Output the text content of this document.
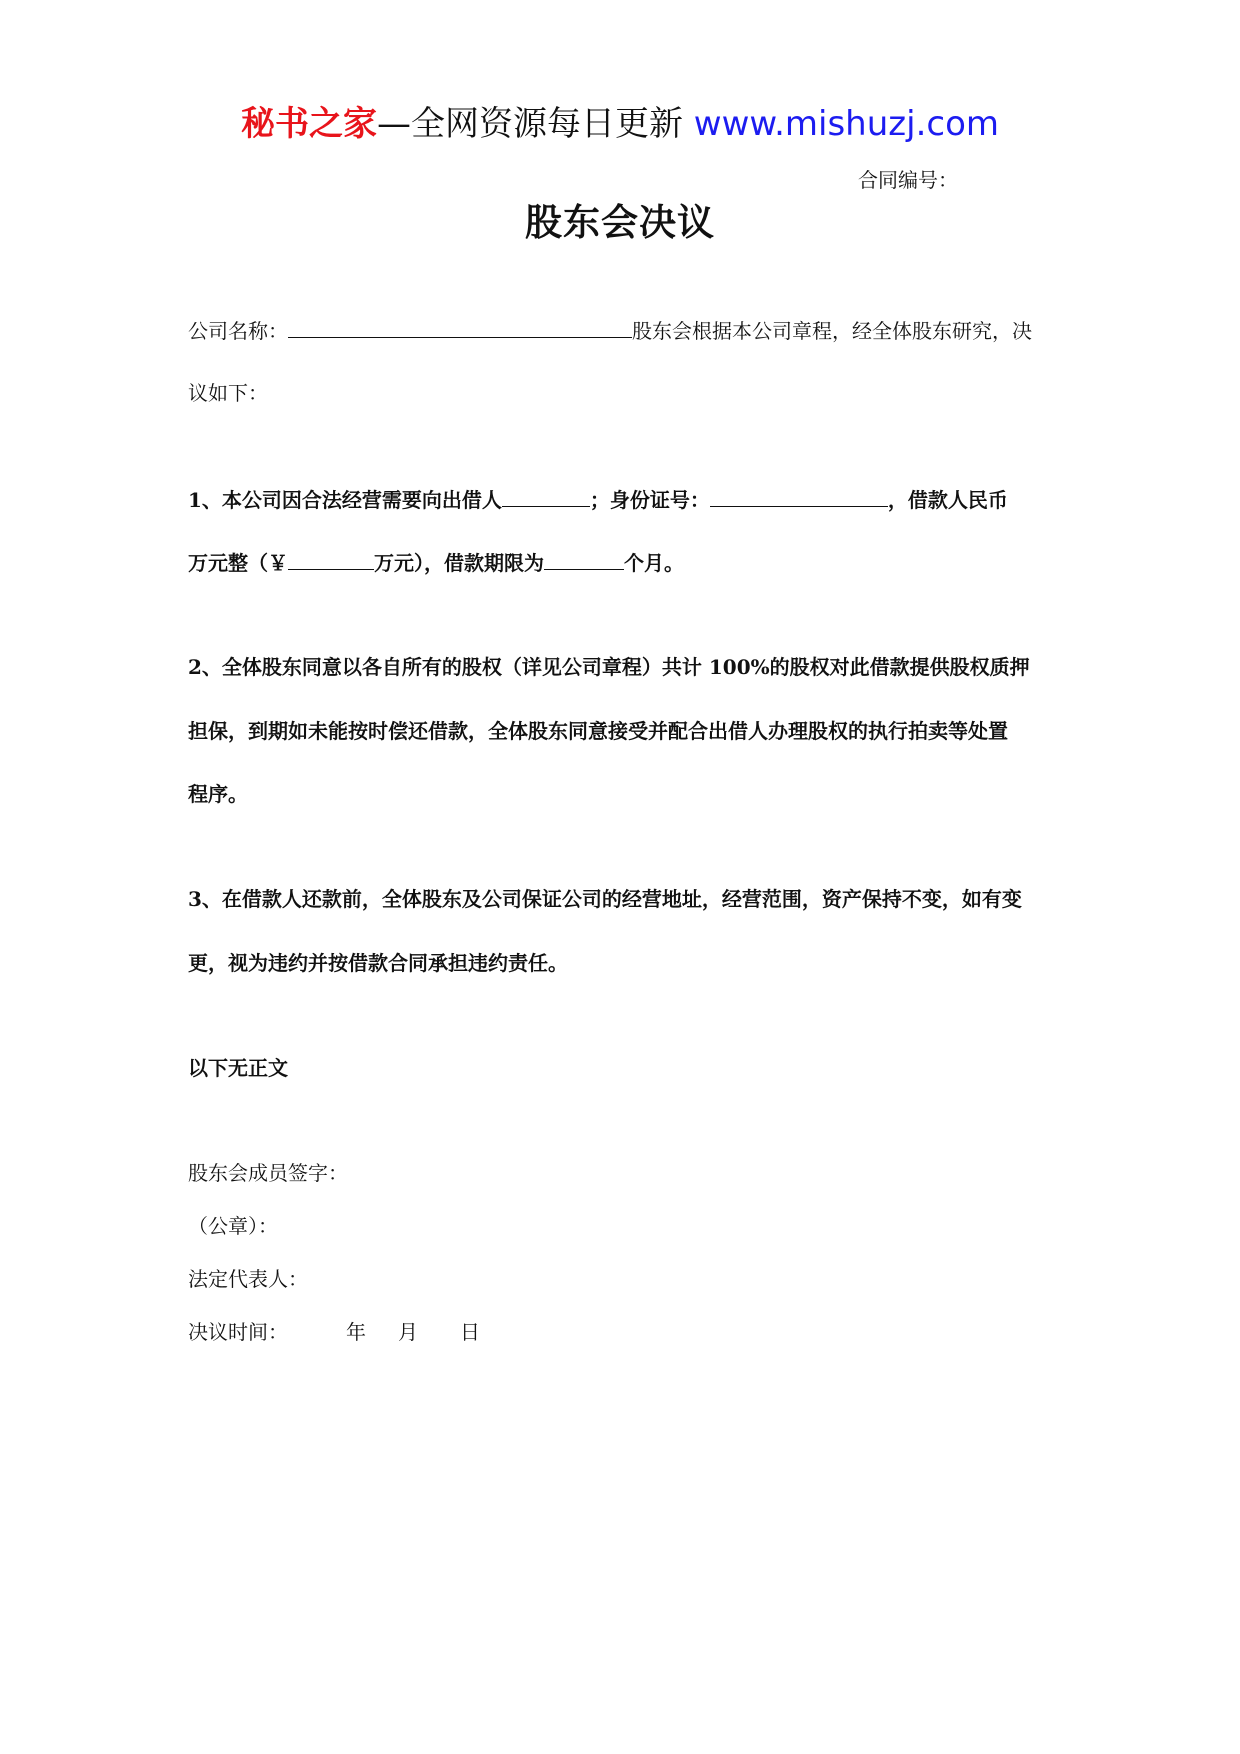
秘书之家—全网资源每日更新 www.mishuzj.com
合同编号：
股东会决议
公司名称：	股东会根据本公司章程，经全体股东研究，决
议如下：
1、本公司因合法经营需要向出借人	；身份证号：	，借款人民币
万元整（￥	万元），借款期限为	个月。
2、全体股东同意以各自所有的股权（详见公司章程）共计 100%的股权对此借款提供股权质押
担保，到期如未能按时偿还借款，全体股东同意接受并配合出借人办理股权的执行拍卖等处置
程序。
3、在借款人还款前，全体股东及公司保证公司的经营地址，经营范围，资产保持不变，如有变
更，视为违约并按借款合同承担违约责任。
以下无正文
股东会成员签字：
（公章）：
法定代表人：
决议时间：	年 月 日
